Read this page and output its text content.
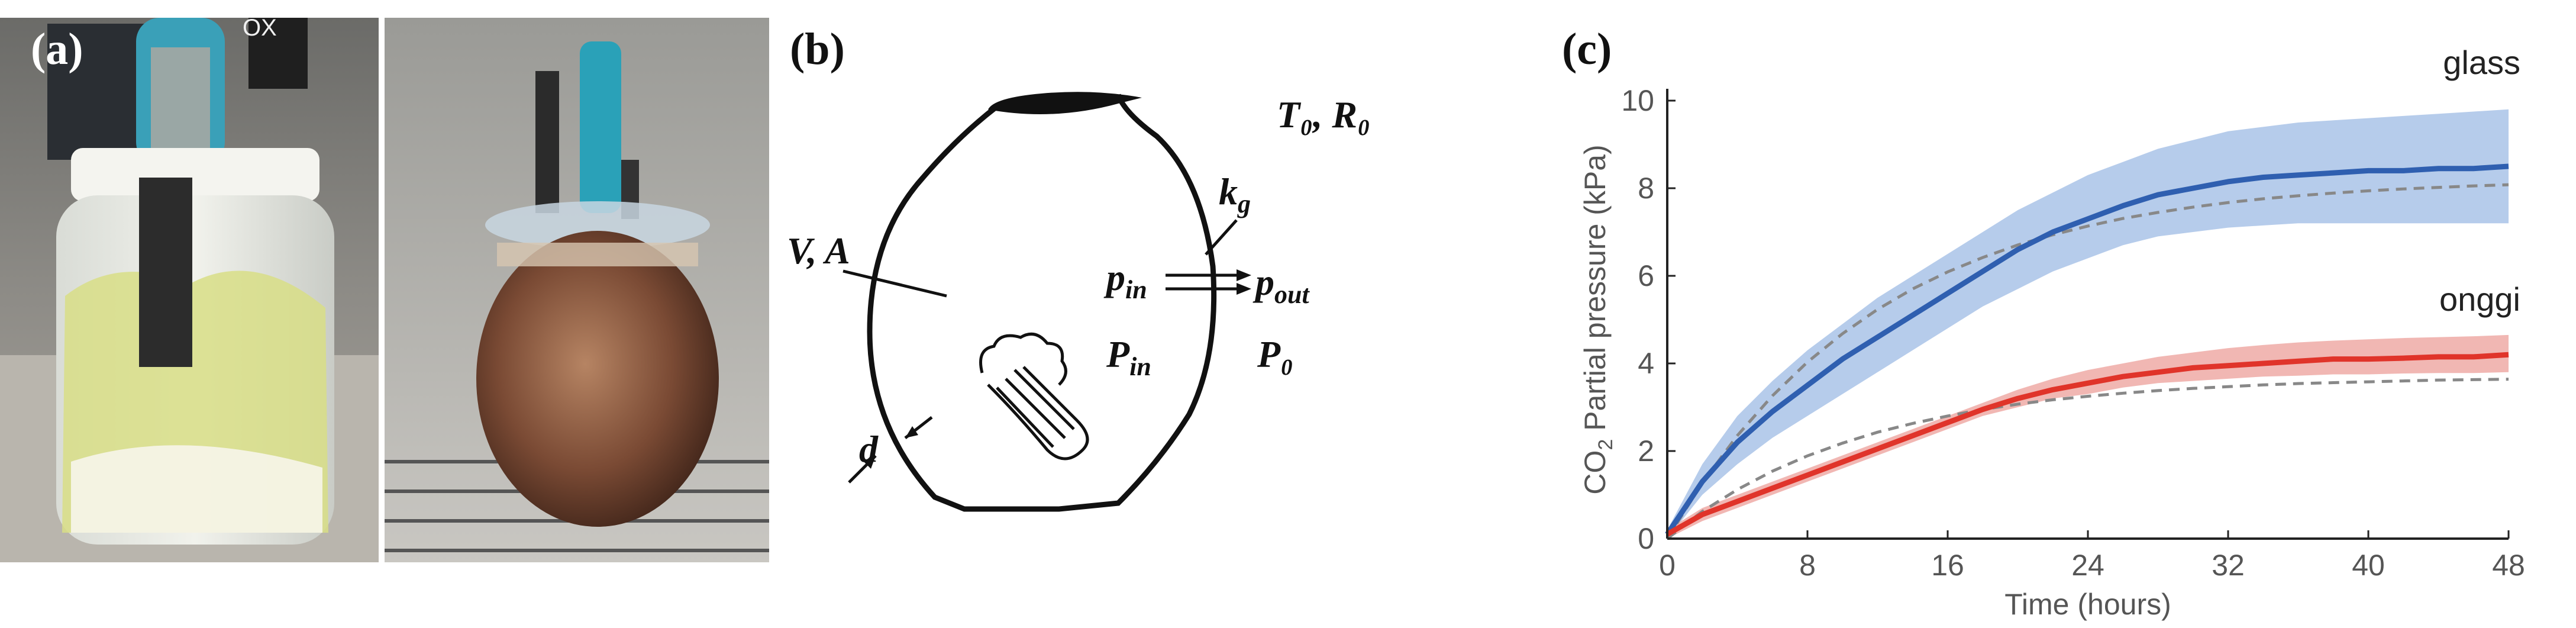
OX
(a)
T₀, R₀
$k_g$
V, A
$p_{in}$	$p_{out}$
$P_{in}$	P₀
d
(b)	(c)
0	8	16	24	32	40	48
0
2
4
6
8
10
Time (hours)
$CO_2$ Partial pressure (kPa)
glass
onggi
